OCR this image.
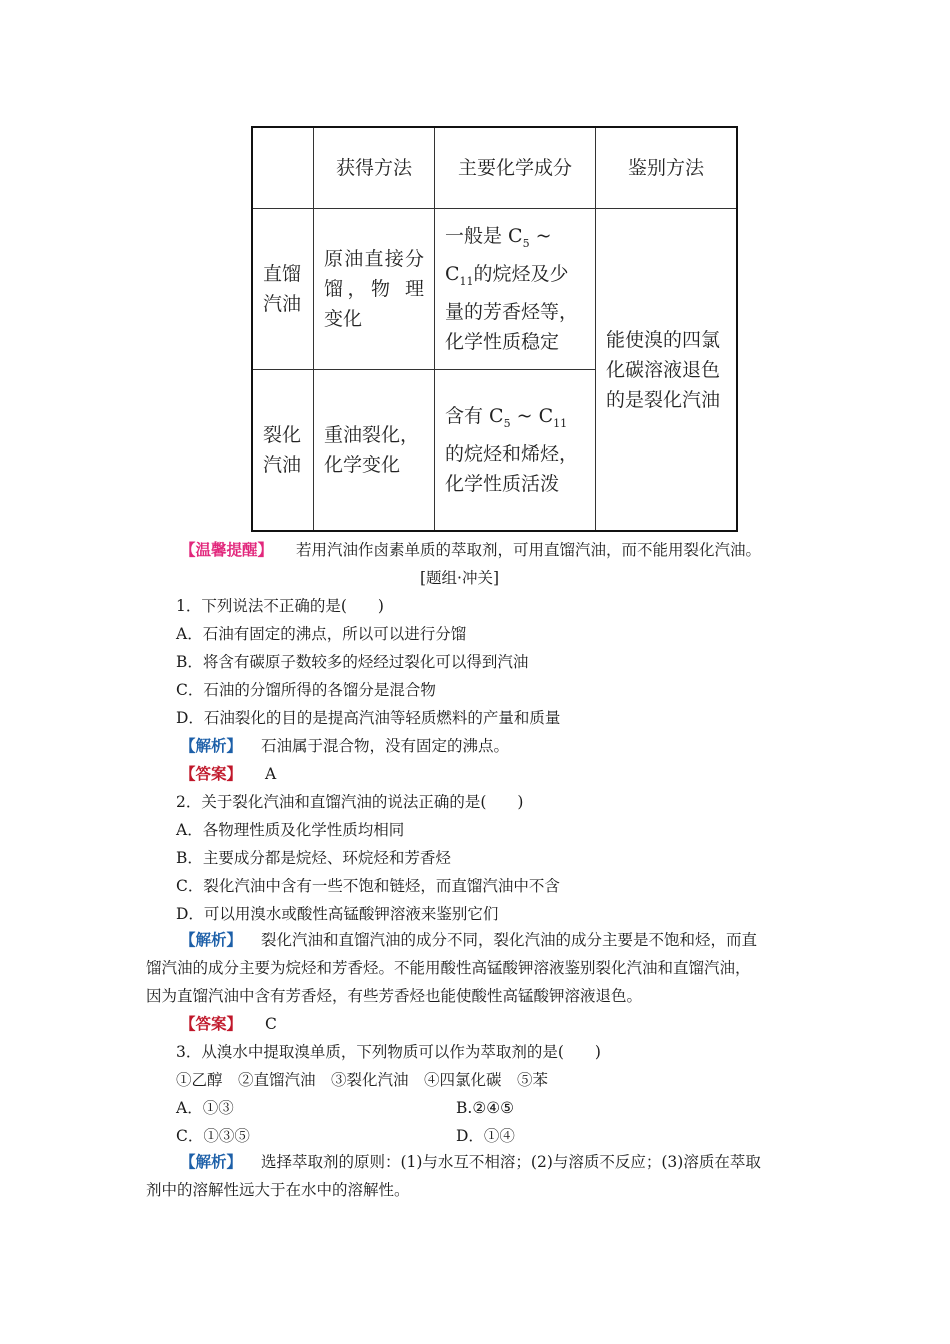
	获得方法	主要化学成分	鉴别方法
直馏汽油	原油直接分馏，物 理变化	一般是 $C_5$ ~ $C_{11}$的烷烃及少量的芳香烃等，化学性质稳定	能使溴的四氯化碳溶液退色的是裂化汽油
裂化汽油	重油裂化，化学变化	含有 $C_5$ ~ $C_{11}$ 的烷烃和烯烃，化学性质活泼	
【温馨提醒】 若用汽油作卤素单质的萃取剂，可用直馏汽油，而不能用裂化汽油。
[题组·冲关]
1．下列说法不正确的是(　　)
A．石油有固定的沸点，所以可以进行分馏
B．将含有碳原子数较多的烃经过裂化可以得到汽油
C．石油的分馏所得的各馏分是混合物
D．石油裂化的目的是提高汽油等轻质燃料的产量和质量
【解析】 石油属于混合物，没有固定的沸点。
【答案】 A
2．关于裂化汽油和直馏汽油的说法正确的是(　　)
A．各物理性质及化学性质均相同
B．主要成分都是烷烃、环烷烃和芳香烃
C．裂化汽油中含有一些不饱和链烃，而直馏汽油中不含
D．可以用溴水或酸性高锰酸钾溶液来鉴别它们
【解析】 裂化汽油和直馏汽油的成分不同，裂化汽油的成分主要是不饱和烃，而直
馏汽油的成分主要为烷烃和芳香烃。不能用酸性高锰酸钾溶液鉴别裂化汽油和直馏汽油，
因为直馏汽油中含有芳香烃，有些芳香烃也能使酸性高锰酸钾溶液退色。
【答案】 C
3．从溴水中提取溴单质，下列物质可以作为萃取剂的是(　　)
①乙醇　②直馏汽油　③裂化汽油　④四氯化碳　⑤苯
A．①③	B.②④⑤
C．①③⑤	D．①④
【解析】 选择萃取剂的原则：(1)与水互不相溶；(2)与溶质不反应；(3)溶质在萃取
剂中的溶解性远大于在水中的溶解性。
